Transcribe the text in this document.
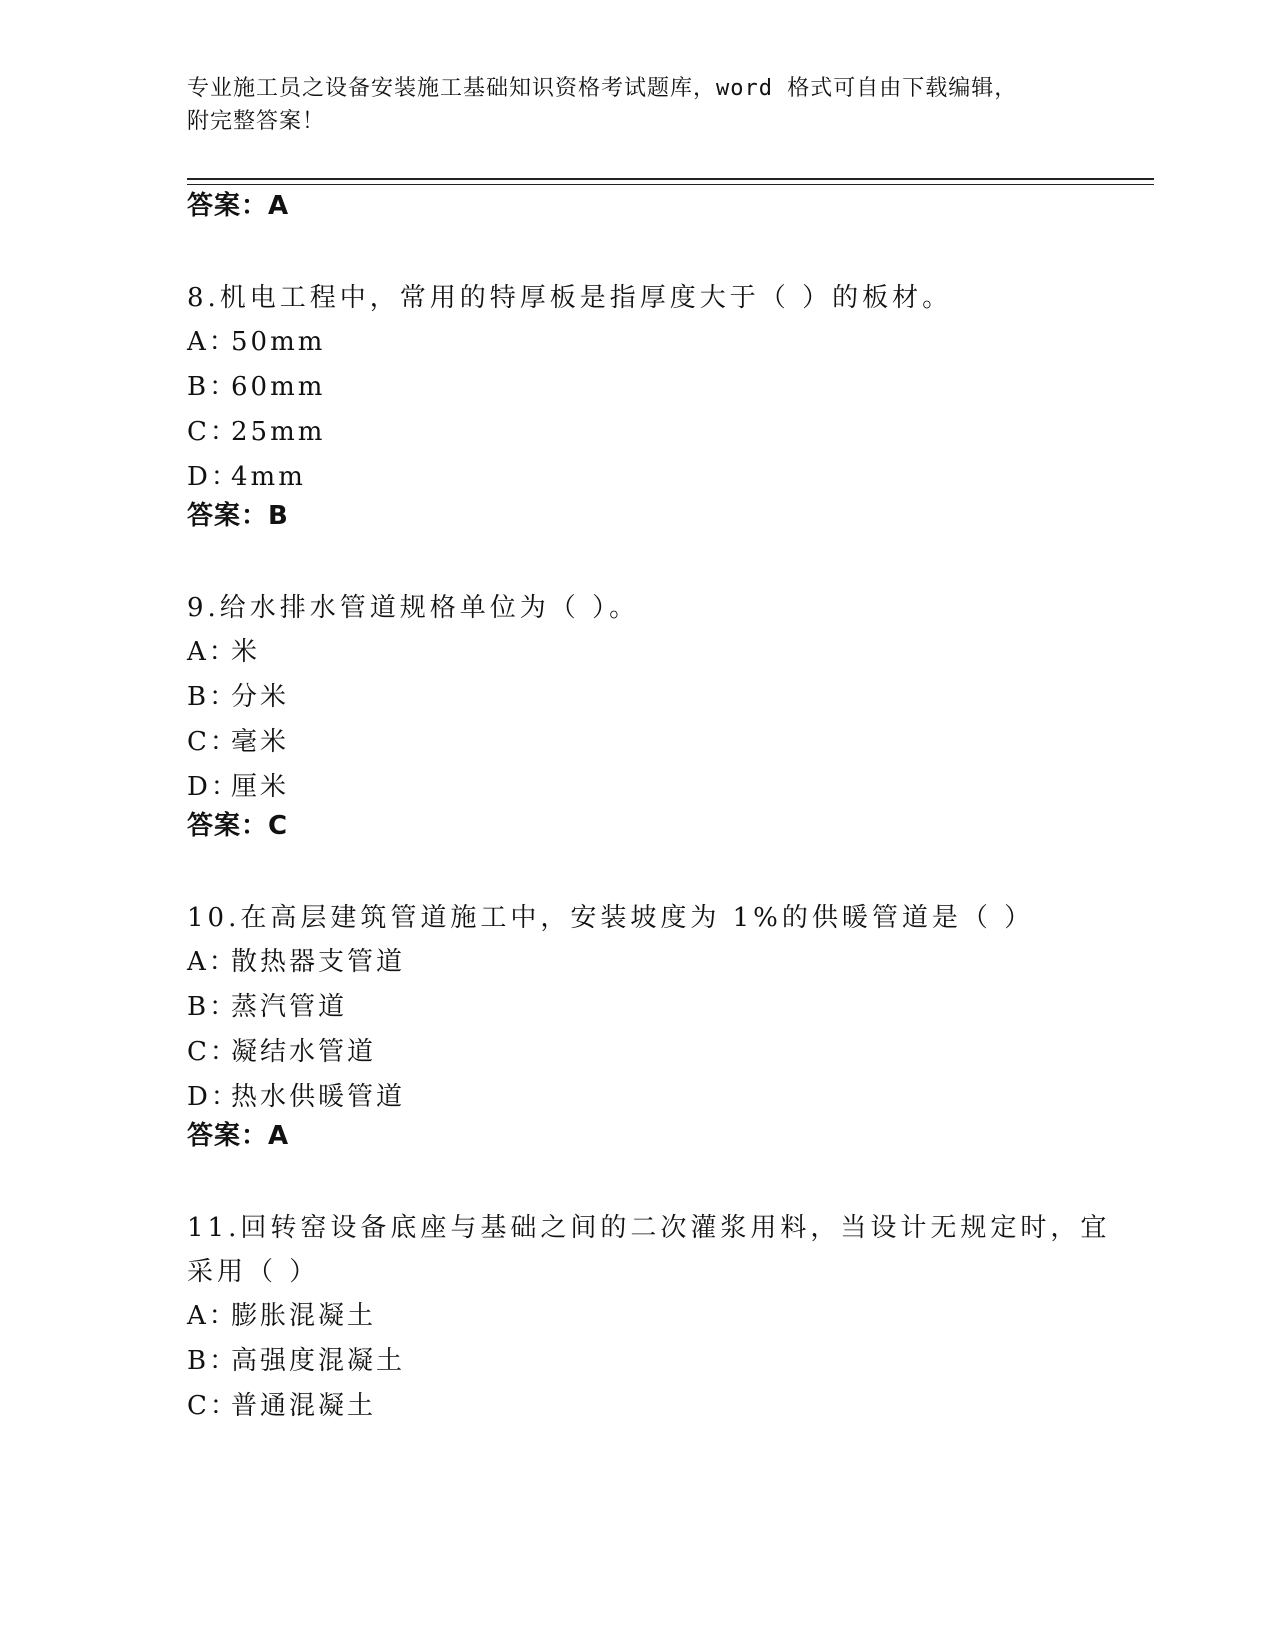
专业施工员之设备安装施工基础知识资格考试题库，word 格式可自由下载编辑，
附完整答案！
答案：A
8.机电工程中，常用的特厚板是指厚度大于（ ）的板材。
A：50mm
B：60mm
C：25mm
D：4mm
答案：B
9.给水排水管道规格单位为（ ）。
A：米
B：分米
C：毫米
D：厘米
答案：C
10.在高层建筑管道施工中，安装坡度为 1%的供暖管道是（ ）
A：散热器支管道
B：蒸汽管道
C：凝结水管道
D：热水供暖管道
答案：A
11.回转窑设备底座与基础之间的二次灌浆用料，当设计无规定时，宜
采用（ ）
A：膨胀混凝土
B：高强度混凝土
C：普通混凝土
